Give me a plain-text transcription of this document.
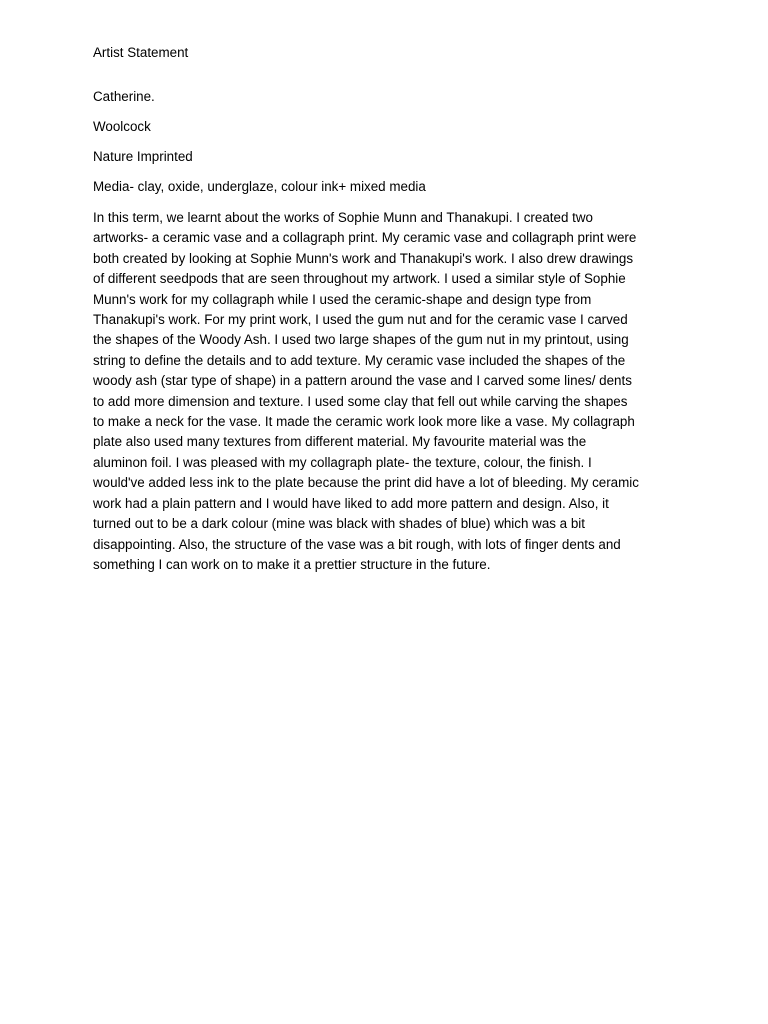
Artist Statement
Catherine.
Woolcock
Nature Imprinted
Media- clay, oxide, underglaze, colour ink+ mixed media
In this term, we learnt about the works of Sophie Munn and Thanakupi. I created two
artworks- a ceramic vase and a collagraph print. My ceramic vase and collagraph print were
both created by looking at Sophie Munn's work and Thanakupi's work. I also drew drawings
of different seedpods that are seen throughout my artwork. I used a similar style of Sophie
Munn's work for my collagraph while I used the ceramic-shape and design type from
Thanakupi's work. For my print work, I used the gum nut and for the ceramic vase I carved
the shapes of the Woody Ash. I used two large shapes of the gum nut in my printout, using
string to define the details and to add texture. My ceramic vase included the shapes of the
woody ash (star type of shape) in a pattern around the vase and I carved some lines/ dents
to add more dimension and texture. I used some clay that fell out while carving the shapes
to make a neck for the vase. It made the ceramic work look more like a vase. My collagraph
plate also used many textures from different material. My favourite material was the
aluminon foil. I was pleased with my collagraph plate- the texture, colour, the finish. I
would've added less ink to the plate because the print did have a lot of bleeding. My ceramic
work had a plain pattern and I would have liked to add more pattern and design. Also, it
turned out to be a dark colour (mine was black with shades of blue) which was a bit
disappointing. Also, the structure of the vase was a bit rough, with lots of finger dents and
something I can work on to make it a prettier structure in the future.
